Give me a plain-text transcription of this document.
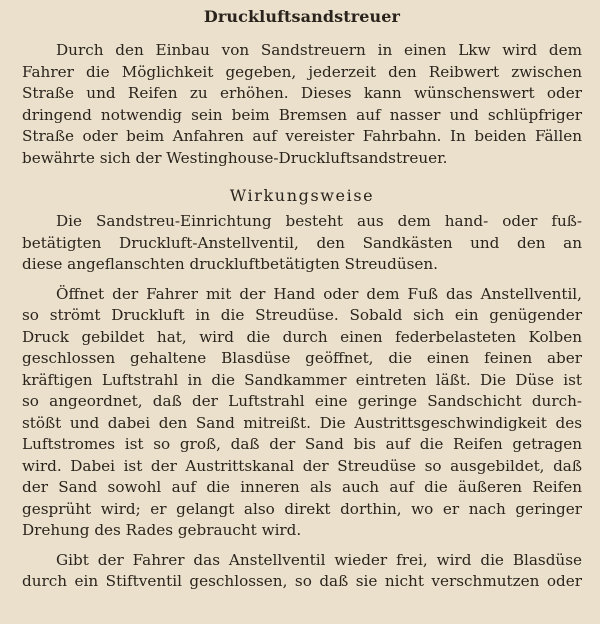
Druckluftsandstreuer

Durch den Einbau von Sandstreuern in einen Lkw wird dem
Fahrer die Möglichkeit gegeben, jederzeit den Reibwert zwischen
Straße und Reifen zu erhöhen. Dieses kann wünschenswert oder
dringend notwendig sein beim Bremsen auf nasser und schlüpfriger
Straße oder beim Anfahren auf vereister Fahrbahn. In beiden Fällen
bewährte sich der Westinghouse-Druckluftsandstreuer.

Wirkungsweise

Die Sandstreu-Einrichtung besteht aus dem hand- oder fuß-
betätigten Druckluft-Anstellventil, den Sandkästen und den an
diese angeflanschten druckluftbetätigten Streudüsen.

Öffnet der Fahrer mit der Hand oder dem Fuß das Anstellventil,
so strömt Druckluft in die Streudüse. Sobald sich ein genügender
Druck gebildet hat, wird die durch einen federbelasteten Kolben
geschlossen gehaltene Blasdüse geöffnet, die einen feinen aber
kräftigen Luftstrahl in die Sandkammer eintreten läßt. Die Düse ist
so angeordnet, daß der Luftstrahl eine geringe Sandschicht durch-
stößt und dabei den Sand mitreißt. Die Austrittsgeschwindigkeit des
Luftstromes ist so groß, daß der Sand bis auf die Reifen getragen
wird. Dabei ist der Austrittskanal der Streudüse so ausgebildet, daß
der Sand sowohl auf die inneren als auch auf die äußeren Reifen
gesprüht wird; er gelangt also direkt dorthin, wo er nach geringer
Drehung des Rades gebraucht wird.

Gibt der Fahrer das Anstellventil wieder frei, wird die Blasdüse
durch ein Stiftventil geschlossen, so daß sie nicht verschmutzen oder
